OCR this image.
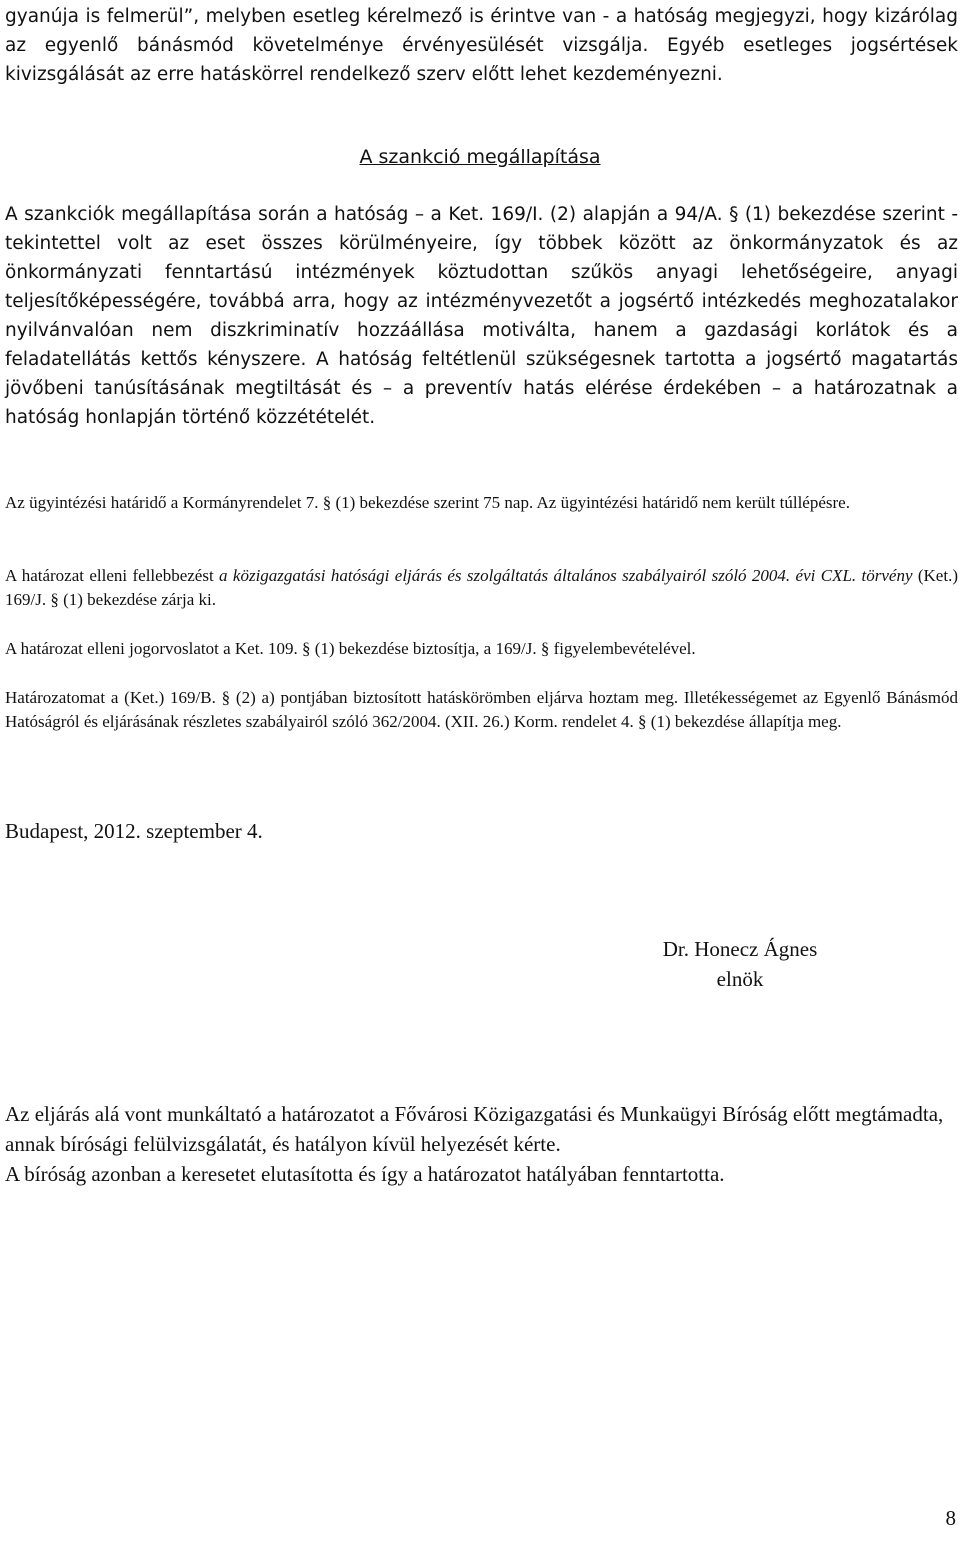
gyanúja is felmerül”, melyben esetleg kérelmező is érintve van - a hatóság megjegyzi, hogy kizárólag az egyenlő bánásmód követelménye érvényesülését vizsgálja. Egyéb esetleges jogsértések kivizsgálását az erre hatáskörrel rendelkező szerv előtt lehet kezdeményezni.

A szankció megállapítása

A szankciók megállapítása során a hatóság – a Ket. 169/I. (2) alapján a 94/A. § (1) bekezdése szerint - tekintettel volt az eset összes körülményeire, így többek között az önkormányzatok és az önkormányzati fenntartású intézmények köztudottan szűkös anyagi lehetőségeire, anyagi teljesítőképességére, továbbá arra, hogy az intézményvezetőt a jogsértő intézkedés meghozatalakor nyilvánvalóan nem diszkriminatív hozzáállása motiválta, hanem a gazdasági korlátok és a feladatellátás kettős kényszere. A hatóság feltétlenül szükségesnek tartotta a jogsértő magatartás jövőbeni tanúsításának megtiltását és – a preventív hatás elérése érdekében – a határozatnak a hatóság honlapján történő közzétételét.

Az ügyintézési határidő a Kormányrendelet 7. § (1) bekezdése szerint 75 nap. Az ügyintézési határidő nem került túllépésre.

A határozat elleni fellebbezést a közigazgatási hatósági eljárás és szolgáltatás általános szabályairól szóló 2004. évi CXL. törvény (Ket.) 169/J. § (1) bekezdése zárja ki.

A határozat elleni jogorvoslatot a Ket. 109. § (1) bekezdése biztosítja, a 169/J. § figyelembevételével.

Határozatomat a (Ket.) 169/B. § (2) a) pontjában biztosított hatáskörömben eljárva hoztam meg. Illetékességemet az Egyenlő Bánásmód Hatóságról és eljárásának részletes szabályairól szóló 362/2004. (XII. 26.) Korm. rendelet 4. § (1) bekezdése állapítja meg.

Budapest, 2012. szeptember 4.

Dr. Honecz Ágnes
elnök

Az eljárás alá vont munkáltató a határozatot a Fővárosi Közigazgatási és Munkaügyi Bíróság előtt megtámadta, annak bírósági felülvizsgálatát, és hatályon kívül helyezését kérte.

A bíróság azonban a keresetet elutasította és így a határozatot hatályában fenntartotta.

8
